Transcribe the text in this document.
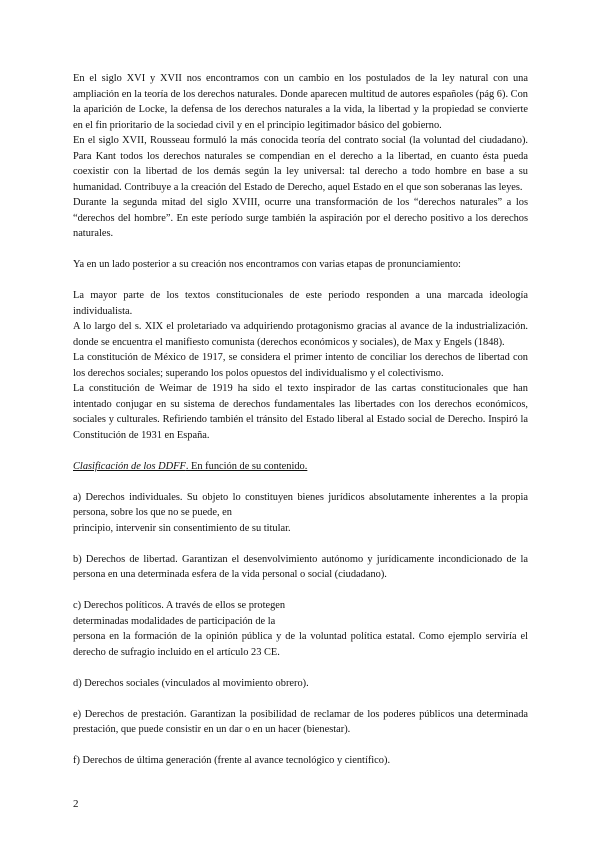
En el siglo XVI y XVII nos encontramos con un cambio en los postulados de la ley natural con una ampliación en la teoría de los derechos naturales. Donde aparecen multitud de autores españoles (pág 6). Con la aparición de Locke, la defensa de los derechos naturales a la vida, la libertad y la propiedad se convierte en el fin prioritario de la sociedad civil y en el principio legitimador básico del gobierno.

En el siglo XVII, Rousseau formuló la más conocida teoría del contrato social (la voluntad del ciudadano). Para Kant todos los derechos naturales se compendian en el derecho a la libertad, en cuanto ésta pueda coexistir con la libertad de los demás según la ley universal: tal derecho a todo hombre en base a su humanidad. Contribuye a la creación del Estado de Derecho, aquel Estado en el que son soberanas las leyes.

Durante la segunda mitad del siglo XVIII, ocurre una transformación de los “derechos naturales” a los “derechos del hombre”. En este período surge también la aspiración por el derecho positivo a los derechos naturales.

Ya en un lado posterior a su creación nos encontramos con varias etapas de pronunciamiento:

La mayor parte de los textos constitucionales de este periodo responden a una marcada ideología individualista.

A lo largo del s. XIX el proletariado va adquiriendo protagonismo gracias al avance de la industrialización. donde se encuentra el manifiesto comunista (derechos económicos y sociales), de Max y Engels (1848).

La constitución de México de 1917, se considera el primer intento de conciliar los derechos de libertad con los derechos sociales; superando los polos opuestos del individualismo y el colectivismo.

La constitución de Weimar de 1919 ha sido el texto inspirador de las cartas constitucionales que han intentado conjugar en su sistema de derechos fundamentales las libertades con los derechos económicos, sociales y culturales. Refiriendo también el tránsito del Estado liberal al Estado social de Derecho. Inspiró la Constitución de 1931 en España.

Clasificación de los DDFF. En función de su contenido.

a) Derechos individuales. Su objeto lo constituyen bienes jurídicos absolutamente inherentes a la propia persona, sobre los que no se puede, en

principio, intervenir sin consentimiento de su titular.

b) Derechos de libertad. Garantizan el desenvolvimiento autónomo y jurídicamente incondicionado de la persona en una determinada esfera de la vida personal o social (ciudadano).

c) Derechos políticos. A través de ellos se protegen

determinadas modalidades de participación de la

persona en la formación de la opinión pública y de la voluntad política estatal. Como ejemplo serviría el derecho de sufragio incluido en el artículo 23 CE.

d) Derechos sociales (vinculados al movimiento obrero).

e) Derechos de prestación. Garantizan la posibilidad de reclamar de los poderes públicos una determinada prestación, que puede consistir en un dar o en un hacer (bienestar).

f) Derechos de última generación (frente al avance tecnológico y científico).

2
